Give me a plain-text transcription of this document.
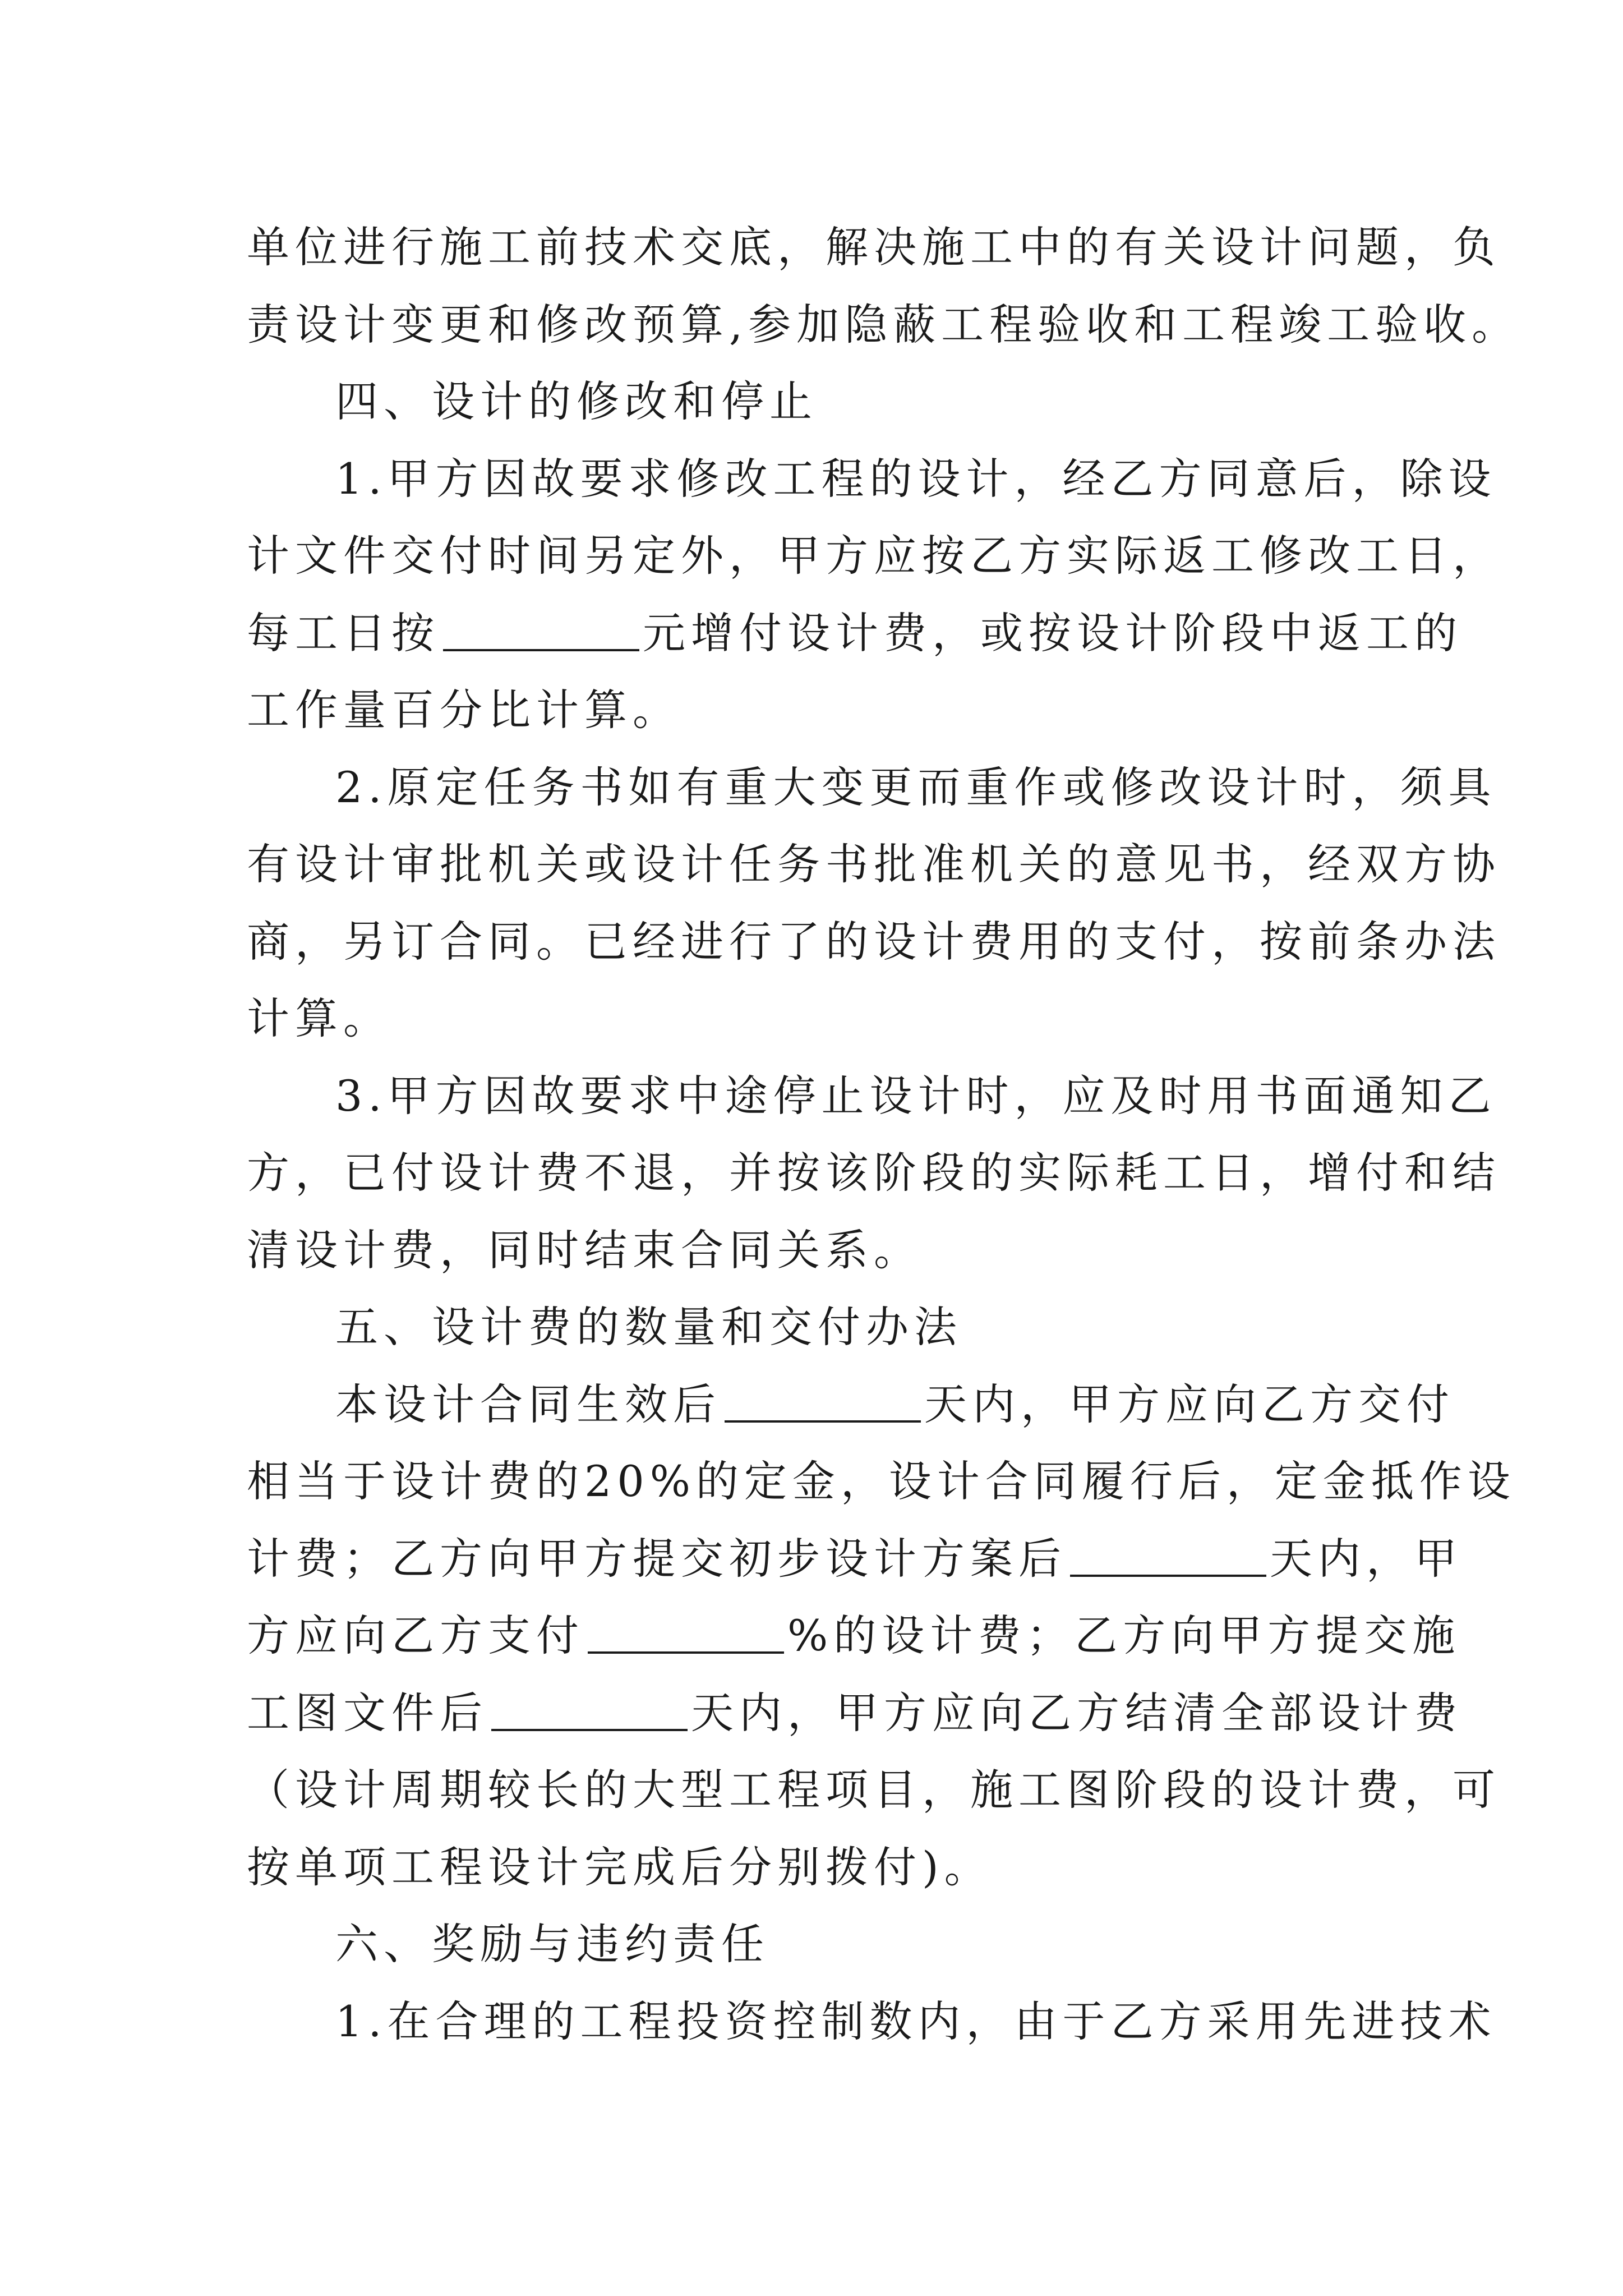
单位进行施工前技术交底，解决施工中的有关设计问题，负
责设计变更和修改预算,参加隐蔽工程验收和工程竣工验收。
四、设计的修改和停止
1.甲方因故要求修改工程的设计，经乙方同意后，除设
计文件交付时间另定外，甲方应按乙方实际返工修改工日，
每工日按	元增付设计费，或按设计阶段中返工的
工作量百分比计算。
2.原定任务书如有重大变更而重作或修改设计时，须具
有设计审批机关或设计任务书批准机关的意见书，经双方协
商，另订合同。已经进行了的设计费用的支付，按前条办法
计算。
3.甲方因故要求中途停止设计时，应及时用书面通知乙
方，已付设计费不退，并按该阶段的实际耗工日，增付和结
清设计费，同时结束合同关系。
五、设计费的数量和交付办法
本设计合同生效后	天内，甲方应向乙方交付
相当于设计费的20%的定金，设计合同履行后，定金抵作设
计费；乙方向甲方提交初步设计方案后	天内，甲
方应向乙方支付	%的设计费；乙方向甲方提交施
工图文件后	天内，甲方应向乙方结清全部设计费
（设计周期较长的大型工程项目，施工图阶段的设计费，可
按单项工程设计完成后分别拨付)。
六、奖励与违约责任
1.在合理的工程投资控制数内，由于乙方采用先进技术
